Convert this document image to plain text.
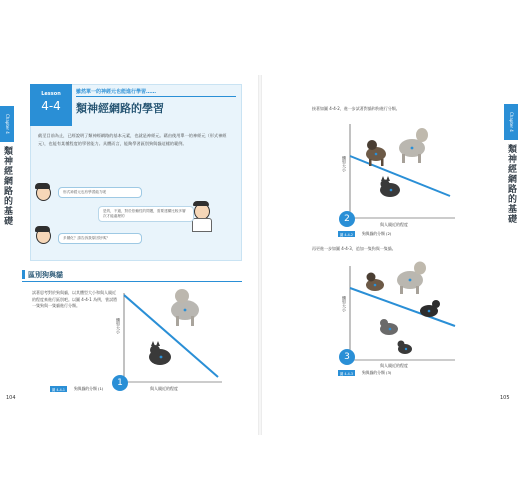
Chapter 4
類神經網路的基礎
Lesson
4-4
雖然單一的神經元也能進行學習……
類神經網路的學習
截至目前為止，已經說明了類神經網路的基本元素，也就是神經元。藉由使用單一的神經元（形式神經元），也能有某種程度的學習能力。具體而言，能夠學習區別狗與貓這樣的範例。
形式神經元也有學習能力呢
是的，不過，對於依賴性的問題，需要建構比較多層次才能處理的
多層化？請告訴我原因好嗎？
區別狗與貓
試著思考對於狗與貓，以其體型大小和與人親近的程度來進行區別吧。以圖 4-4-1 為例，嘗試將一隻狗與一隻貓進行分類。
體型大小
與人親近的程度
1
圖 4-4-1	狗與貓的分類 (1)
104
Chapter 4
類神經網路的基礎
接著如圖 4-4-2，進一步試著對貓和狗進行分類。
再更進一步如圖 4-4-3，追加一隻狗與一隻貓。
體型大小
與人親近的程度
2
圖 4-4-2	狗與貓的分類 (2)
體型大小
與人親近的程度
3
圖 4-4-3	狗與貓的分類 (3)
105
